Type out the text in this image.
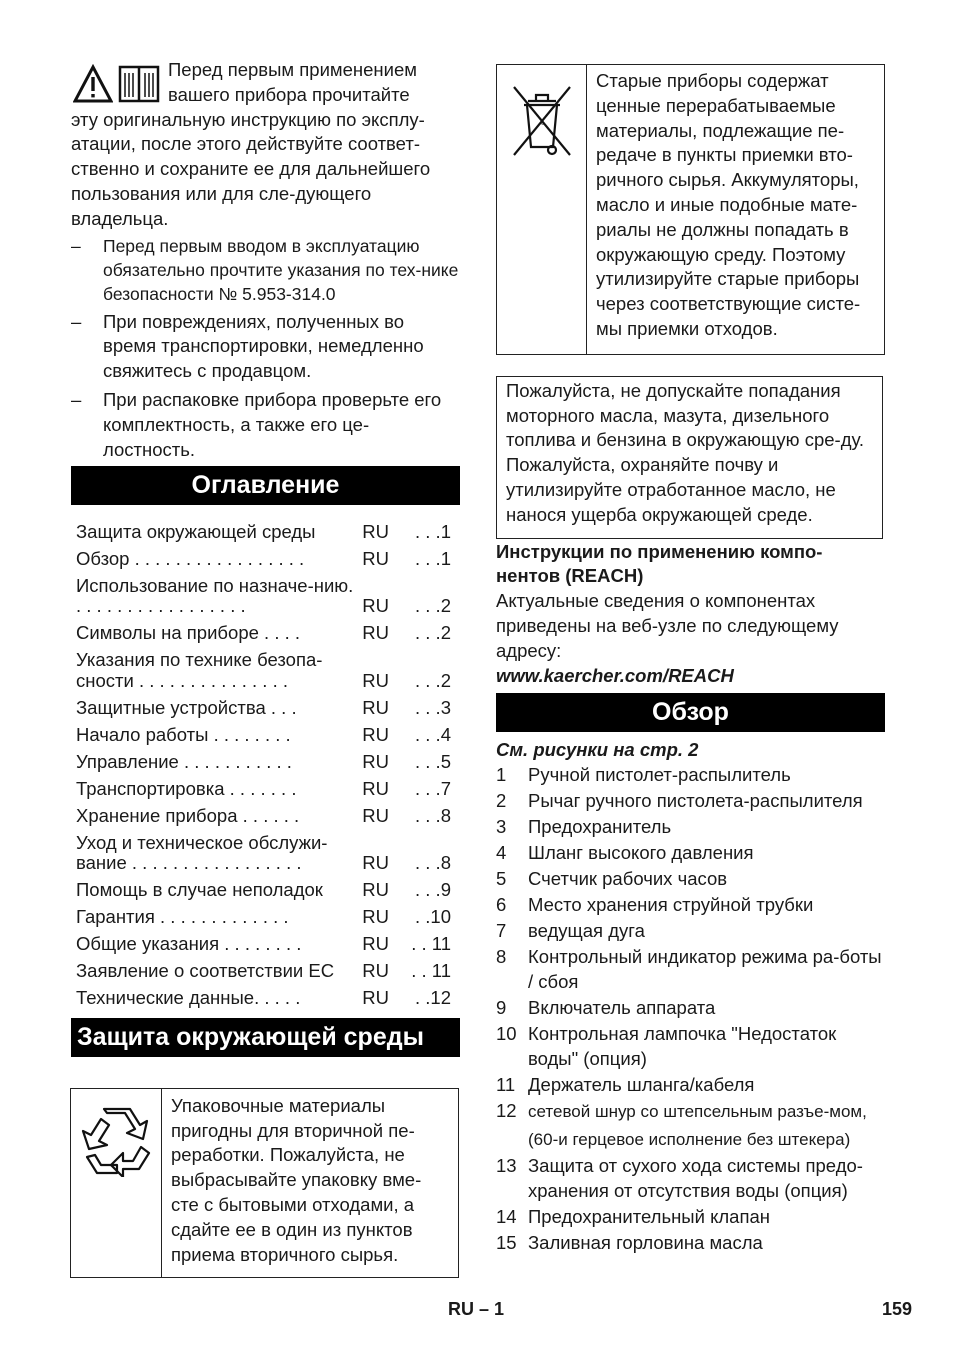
Перед первым применением

вашего прибора прочитайте

эту оригинальную инструкцию по эксплу-атации, после этого действуйте соответ-ственно и сохраните ее для дальнейшего пользования или для сле-дующего владельца.

– Перед первым вводом в эксплуатацию обязательно прочтите указания по тех-нике безопасности № 5.953-314.0
– При повреждениях, полученных во время транспортировки, немедленно свяжитесь с продавцом.
– При распаковке прибора проверьте его комплектность, а также его це-лостность.
Оглавление
Защита окружающей среды	RU	. . .1
Обзор . . . . . . . . . . . . . . . . .	RU	. . .1
Использование по назначе-нию. . . . . . . . . . . . . . . . . .	RU	. . .2
Символы на приборе . . . .	RU	. . .2
Указания по технике безопа-сности . . . . . . . . . . . . . . .	RU	. . .2
Защитные устройства . . .	RU	. . .3
Начало работы . . . . . . . .	RU	. . .4
Управление . . . . . . . . . . .	RU	. . .5
Транспортировка . . . . . . .	RU	. . .7
Хранение прибора . . . . . .	RU	. . .8
Уход и техническое обслужи-вание . . . . . . . . . . . . . . . . .	RU	. . .8
Помощь в случае неполадок	RU	. . .9
Гарантия . . . . . . . . . . . . .	RU	. .10
Общие указания . . . . . . . .	RU	. . 11
Заявление о соответствии ЕС	RU	. . 11
Технические данные. . . . .	RU	. .12
Защита окружающей среды
Упаковочные материалы пригодны для вторичной пе-реработки. Пожалуйста, не выбрасывайте упаковку вме-сте с бытовыми отходами, а сдайте ее в один из пунктов приема вторичного сырья.
~
Старые приборы содержат ценные перерабатываемые материалы, подлежащие пе-редаче в пункты приемки вто-ричного сырья. Аккумуляторы, масло и иные подобные мате-риалы не должны попадать в окружающую среду. Поэтому утилизируйте старые приборы через соответствующие систе-мы приемки отходов.
Пожалуйста, не допускайте попадания моторного масла, мазута, дизельного топлива и бензина в окружающую сре-ду. Пожалуйста, охраняйте почву и утилизируйте отработанное масло, не нанося ущерба окружающей среде.

Инструкции по применению компо-нентов (REACH)

Актуальные сведения о компонентах приведены на веб-узле по следующему адресу:

www.kaercher.com/REACH

Обзор

См. рисунки на стр. 2

1 Ручной пистолет-распылитель
2 Рычаг ручного пистолета-распылителя
3 Предохранитель
4 Шланг высокого давления
5 Счетчик рабочих часов
6 Место хранения струйной трубки
7 ведущая дуга
8 Контрольный индикатор режима ра-боты / сбоя
9 Включатель аппарата
10 Контрольная лампочка "Недостаток воды" (опция)
11 Держатель шланга/кабеля
12 сетевой шнур со штепсельным разъе-мом,
(60-и герцевое исполнение без штекера)
13 Защита от сухого хода системы предо-хранения от отсутствия воды (опция)
14 Предохранительный клапан
15 Заливная горловина масла
RU – 1	159
